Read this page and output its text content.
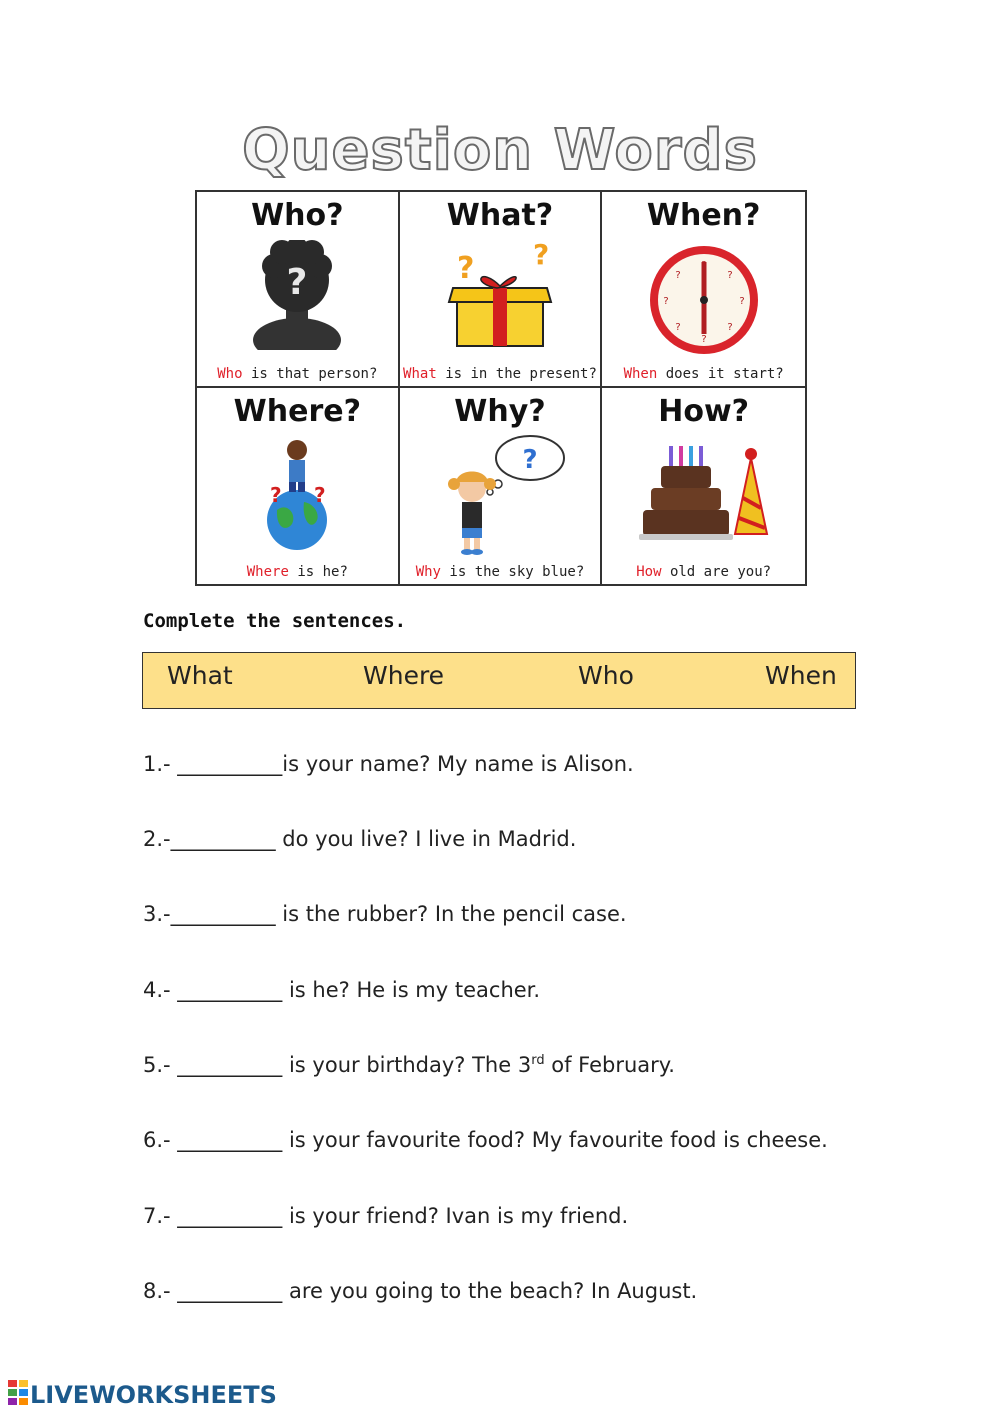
Question Words
Who?
?
Who is that person?
What?
? ?
What is in the present?
When?
?
?
?
?
?
?
?
?
When does it start?
Where?
? ?
Where is he?
Why?
?
Why is the sky blue?
How?
How old are you?
Complete the sentences.
What	Where	Who	When
1.- __________is your name? My name is Alison.
2.-__________ do you live? I live in Madrid.
3.-__________ is the rubber? In the pencil case.
4.- __________ is he? He is my teacher.
5.- __________ is your birthday? The 3rd of February.
6.- __________ is your favourite food? My favourite food is cheese.
7.- __________ is your friend? Ivan is my friend.
8.- __________ are you going to the beach? In August.
LIVEWORKSHEETS
